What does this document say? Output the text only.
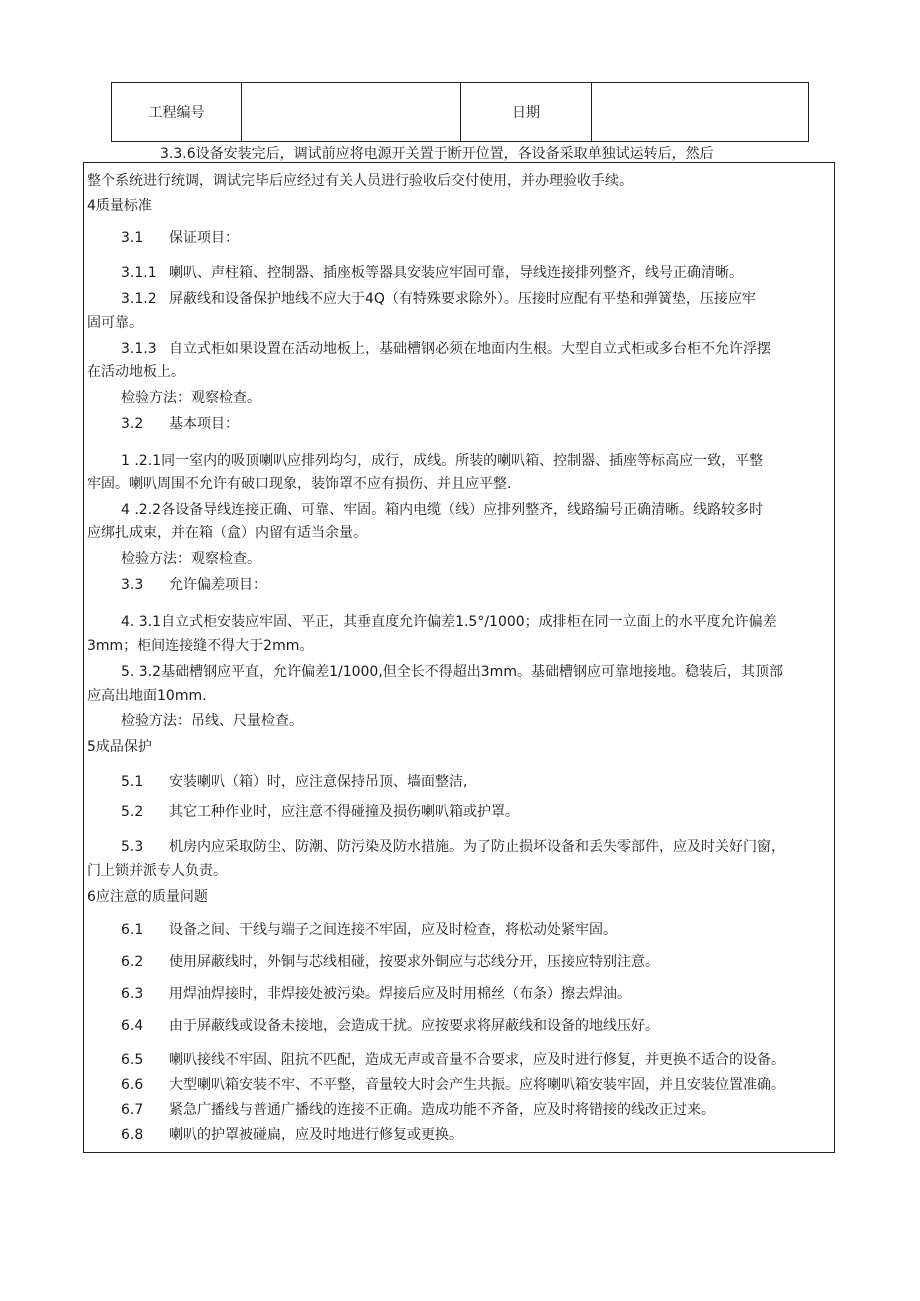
工程编号		日期	
3.3.6设备安装完后，调试前应将电源开关置于断开位置，各设备采取单独试运转后，然后
整个系统进行统调，调试完毕后应经过有关人员进行验收后交付使用，并办理验收手续。
4质量标准
3.1 保证项目：
3.1.1 喇叭、声柱箱、控制器、插座板等器具安装应牢固可靠，导线连接排列整齐，线号正确清晰。
3.1.2 屏蔽线和设备保护地线不应大于4Q（有特殊要求除外）。压接时应配有平垫和弹簧垫，压接应牢
固可靠。
3.1.3 自立式柜如果设置在活动地板上，基础槽钢必须在地面内生根。大型自立式柜或多台柜不允许浮摆
在活动地板上。
检验方法：观察检查。
3.2 基本项目：
1 .2.1同一室内的吸顶喇叭应排列均匀，成行，成线。所装的喇叭箱、控制器、插座等标高应一致，平整
牢固。喇叭周围不允许有破口现象，装饰罩不应有损伤、并且应平整.
4 .2.2各设备导线连接正确、可靠、牢固。箱内电缆（线）应排列整齐，线路编号正确清晰。线路较多时
应绑扎成束，并在箱（盒）内留有适当余量。
检验方法：观察检查。
3.3 允许偏差项目：
4. 3.1自立式柜安装应牢固、平正，其垂直度允许偏差1.5°/1000；成排柜在同一立面上的水平度允许偏差
3mm；柜间连接缝不得大于2mm。
5. 3.2基础槽钢应平直，允许偏差1/1000,但全长不得超出3mm。基础槽钢应可靠地接地。稳装后，其顶部
应高出地面10mm.
检验方法：吊线、尺量检查。
5成品保护
5.1 安装喇叭（箱）时，应注意保持吊顶、墙面整洁,
5.2 其它工种作业时，应注意不得碰撞及损伤喇叭箱或护罩。
5.3 机房内应采取防尘、防潮、防污染及防水措施。为了防止损坏设备和丢失零部件，应及时关好门窗，
门上锁并派专人负责。
6应注意的质量问题
6.1 设备之间、干线与端子之间连接不牢固，应及时检查，将松动处紧牢固。
6.2 使用屏蔽线时，外铜与芯线相碰，按要求外铜应与芯线分开，压接应特别注意。
6.3 用焊油焊接时，非焊接处被污染。焊接后应及时用棉丝（布条）擦去焊油。
6.4 由于屏蔽线或设备未接地，会造成干扰。应按要求将屏蔽线和设备的地线压好。
6.5 喇叭接线不牢固、阻抗不匹配，造成无声或音量不合要求，应及时进行修复，并更换不适合的设备。
6.6 大型喇叭箱安装不牢、不平整，音量较大时会产生共振。应将喇叭箱安装牢固，并且安装位置准确。
6.7 紧急广播线与普通广播线的连接不正确。造成功能不齐备，应及时将错接的线改正过来。
6.8 喇叭的护罩被碰扁，应及时地进行修复或更换。
